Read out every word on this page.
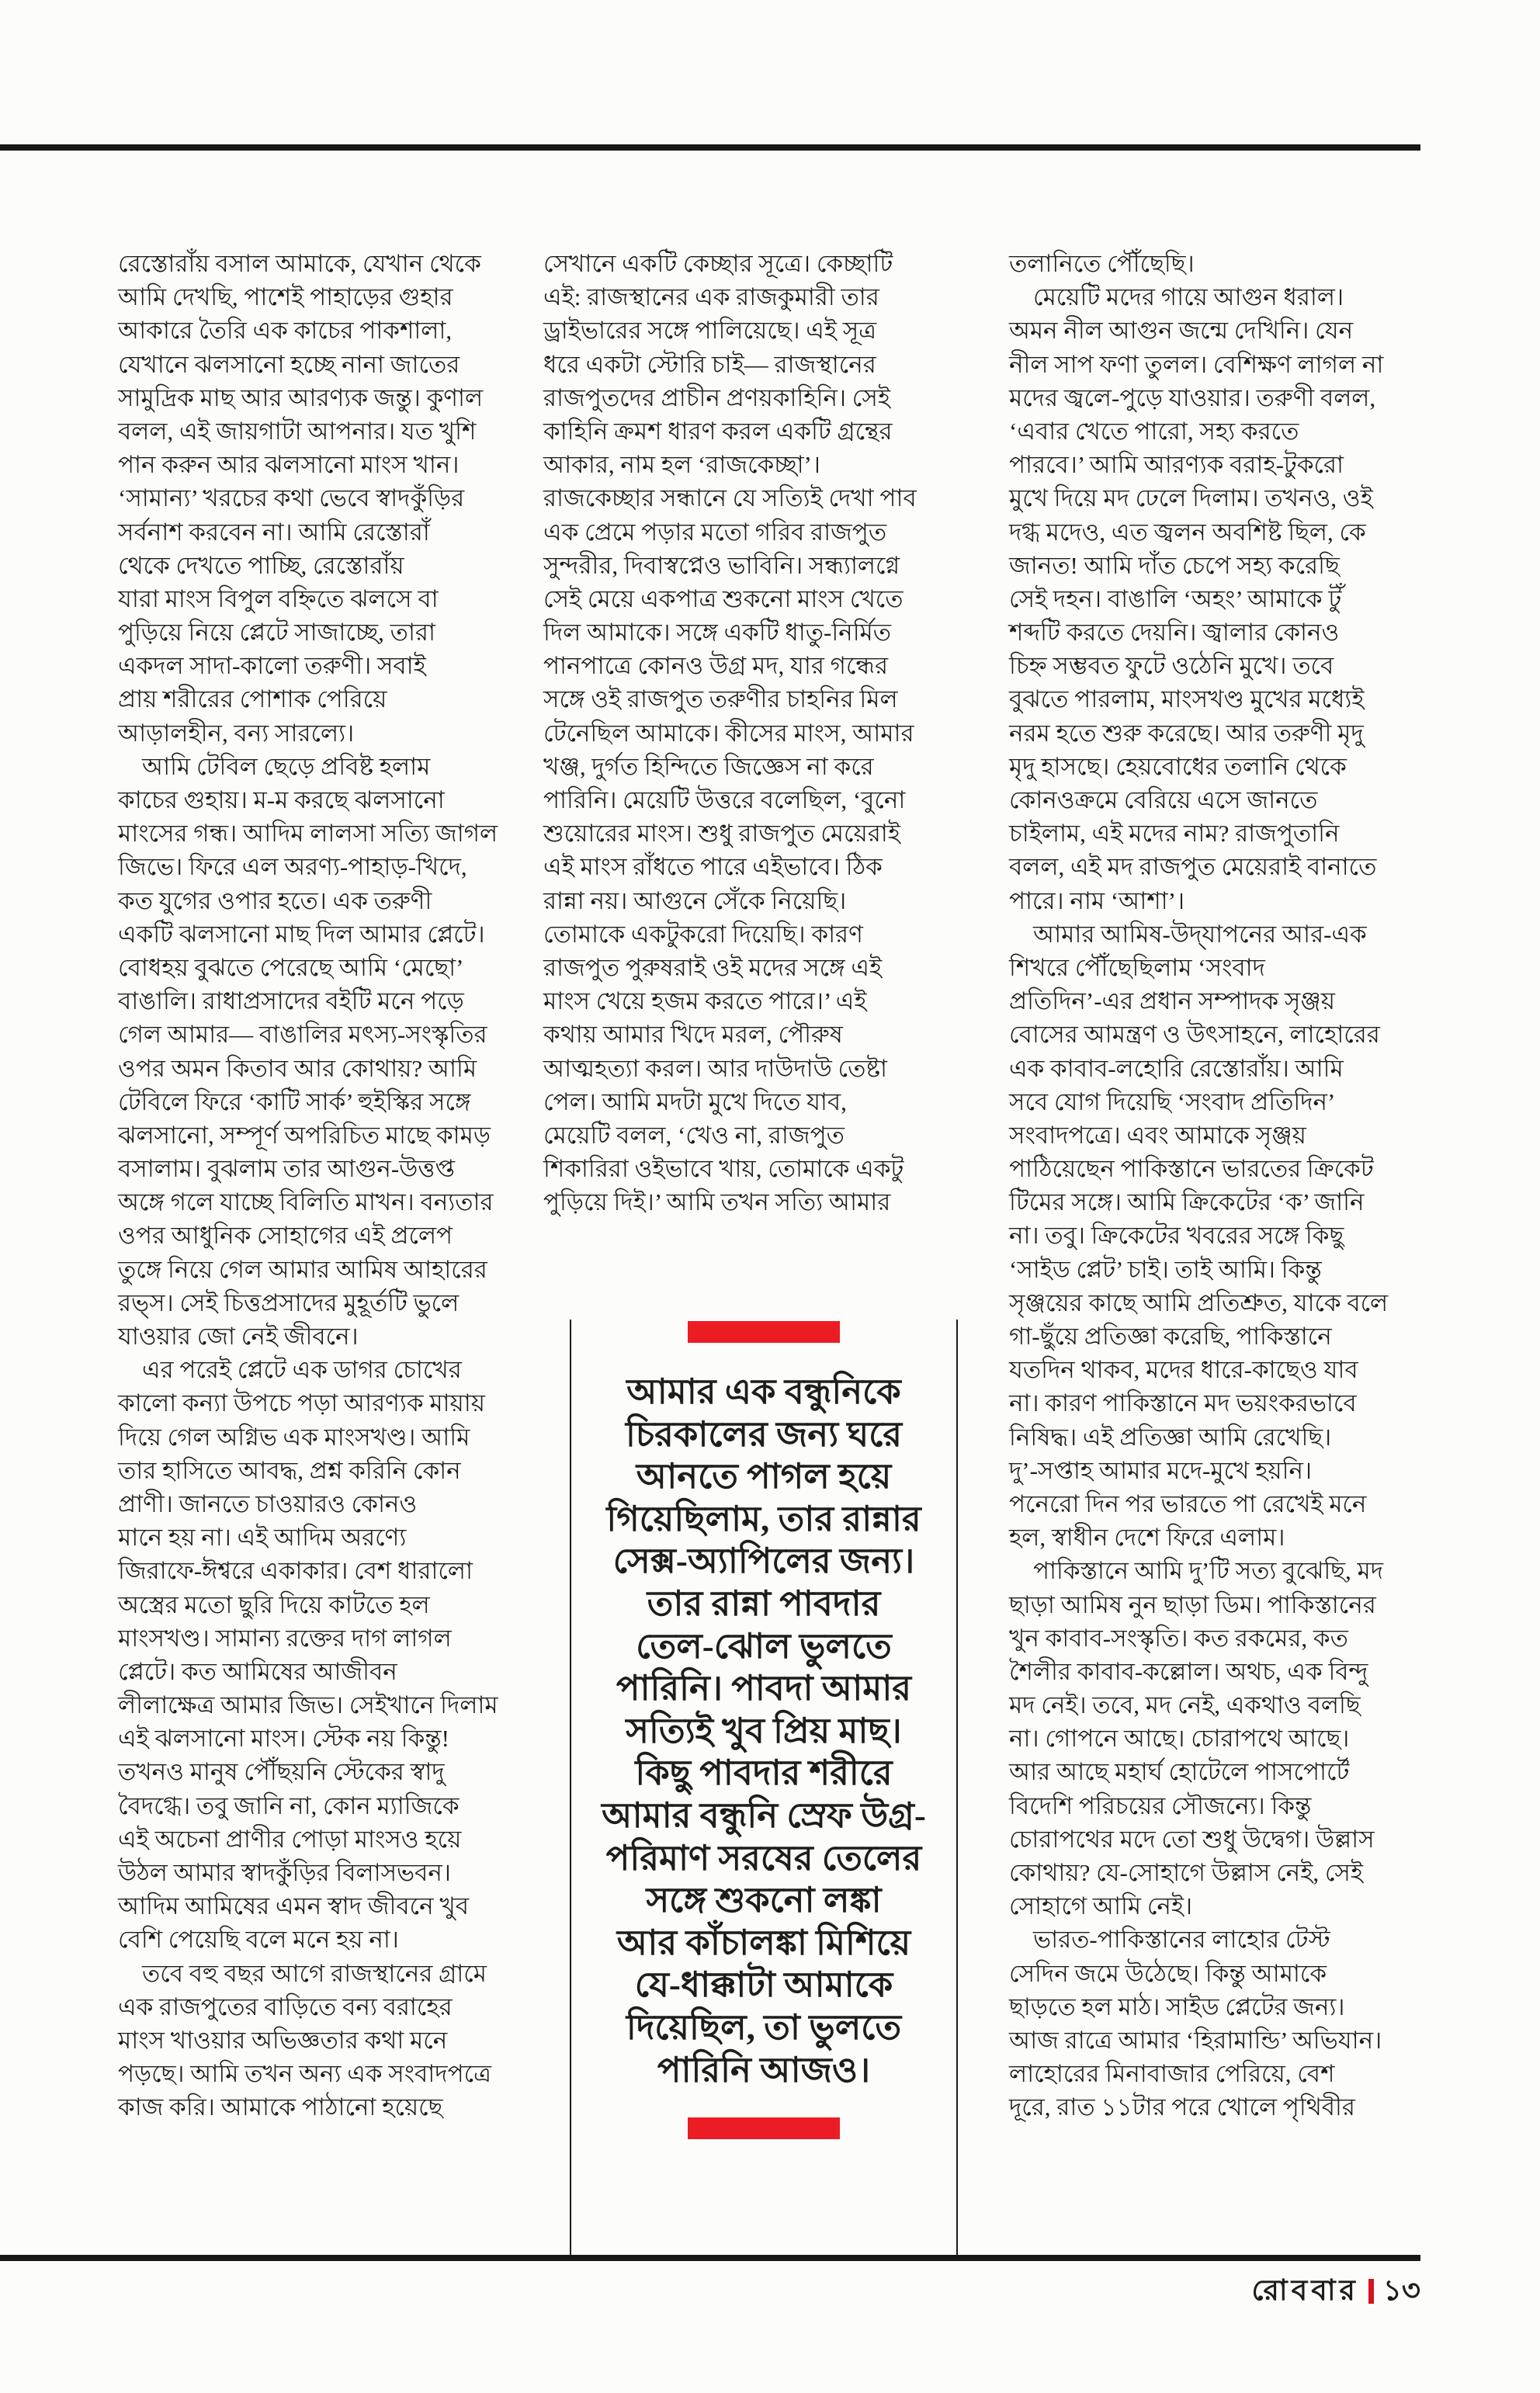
রেস্তোরাঁয় বসাল আমাকে, যেখান থেকে
আমি দেখছি, পাশেই পাহাড়ের গুহার
আকারে তৈরি এক কাচের পাকশালা,
যেখানে ঝলসানো হচ্ছে নানা জাতের
সামুদ্রিক মাছ আর আরণ্যক জন্তু। কুণাল
বলল, এই জায়গাটা আপনার। যত খুশি
পান করুন আর ঝলসানো মাংস খান।
‘সামান্য’ খরচের কথা ভেবে স্বাদকুঁড়ির
সর্বনাশ করবেন না। আমি রেস্তোরাঁ
থেকে দেখতে পাচ্ছি, রেস্তোরাঁয়
যারা মাংস বিপুল বহ্নিতে ঝলসে বা
পুড়িয়ে নিয়ে প্লেটে সাজাচ্ছে, তারা
একদল সাদা-কালো তরুণী। সবাই
প্রায় শরীরের পোশাক পেরিয়ে
আড়ালহীন, বন্য সারল্যে।
 আমি টেবিল ছেড়ে প্রবিষ্ট হলাম
কাচের গুহায়। ম-ম করছে ঝলসানো
মাংসের গন্ধ। আদিম লালসা সত্যি জাগল
জিভে। ফিরে এল অরণ্য-পাহাড়-খিদে,
কত যুগের ওপার হতে। এক তরুণী
একটি ঝলসানো মাছ দিল আমার প্লেটে।
বোধহয় বুঝতে পেরেছে আমি ‘মেছো’
বাঙালি। রাধাপ্রসাদের বইটি মনে পড়ে
গেল আমার— বাঙালির মৎস্য-সংস্কৃতির
ওপর অমন কিতাব আর কোথায়? আমি
টেবিলে ফিরে ‘কাটি সার্ক’ হুইস্কির সঙ্গে
ঝলসানো, সম্পূর্ণ অপরিচিত মাছে কামড়
বসালাম। বুঝলাম তার আগুন-উত্তপ্ত
অঙ্গে গলে যাচ্ছে বিলিতি মাখন। বন্যতার
ওপর আধুনিক সোহাগের এই প্রলেপ
তুঙ্গে নিয়ে গেল আমার আমিষ আহারের
রভ্স। সেই চিত্তপ্রসাদের মুহূর্তটি ভুলে
যাওয়ার জো নেই জীবনে।
 এর পরেই প্লেটে এক ডাগর চোখের
কালো কন্যা উপচে পড়া আরণ্যক মায়ায়
দিয়ে গেল অগ্নিভ এক মাংসখণ্ড। আমি
তার হাসিতে আবদ্ধ, প্রশ্ন করিনি কোন
প্রাণী। জানতে চাওয়ারও কোনও
মানে হয় না। এই আদিম অরণ্যে
জিরাফে-ঈশ্বরে একাকার। বেশ ধারালো
অস্ত্রের মতো ছুরি দিয়ে কাটতে হল
মাংসখণ্ড। সামান্য রক্তের দাগ লাগল
প্লেটে। কত আমিষের আজীবন
লীলাক্ষেত্র আমার জিভ। সেইখানে দিলাম
এই ঝলসানো মাংস। স্টেক নয় কিন্তু!
তখনও মানুষ পৌঁছয়নি স্টেকের স্বাদু
বৈদগ্ধে। তবু জানি না, কোন ম্যাজিকে
এই অচেনা প্রাণীর পোড়া মাংসও হয়ে
উঠল আমার স্বাদকুঁড়ির বিলাসভবন।
আদিম আমিষের এমন স্বাদ জীবনে খুব
বেশি পেয়েছি বলে মনে হয় না।
 তবে বহু বছর আগে রাজস্থানের গ্রামে
এক রাজপুতের বাড়িতে বন্য বরাহের
মাংস খাওয়ার অভিজ্ঞতার কথা মনে
পড়ছে। আমি তখন অন্য এক সংবাদপত্রে
কাজ করি। আমাকে পাঠানো হয়েছে
সেখানে একটি কেচ্ছার সূত্রে। কেচ্ছাটি
এই: রাজস্থানের এক রাজকুমারী তার
ড্রাইভারের সঙ্গে পালিয়েছে। এই সূত্র
ধরে একটা স্টোরি চাই— রাজস্থানের
রাজপুতদের প্রাচীন প্রণয়কাহিনি। সেই
কাহিনি ক্রমশ ধারণ করল একটি গ্রন্থের
আকার, নাম হল ‘রাজকেচ্ছা’।
রাজকেচ্ছার সন্ধানে যে সত্যিই দেখা পাব
এক প্রেমে পড়ার মতো গরিব রাজপুত
সুন্দরীর, দিবাস্বপ্নেও ভাবিনি। সন্ধ্যালগ্নে
সেই মেয়ে একপাত্র শুকনো মাংস খেতে
দিল আমাকে। সঙ্গে একটি ধাতু-নির্মিত
পানপাত্রে কোনও উগ্র মদ, যার গন্ধের
সঙ্গে ওই রাজপুত তরুণীর চাহনির মিল
টেনেছিল আমাকে। কীসের মাংস, আমার
খঞ্জ, দুর্গত হিন্দিতে জিজ্ঞেস না করে
পারিনি। মেয়েটি উত্তরে বলেছিল, ‘বুনো
শুয়োরের মাংস। শুধু রাজপুত মেয়েরাই
এই মাংস রাঁধতে পারে এইভাবে। ঠিক
রান্না নয়। আগুনে সেঁকে নিয়েছি।
তোমাকে একটুকরো দিয়েছি। কারণ
রাজপুত পুরুষরাই ওই মদের সঙ্গে এই
মাংস খেয়ে হজম করতে পারে।’ এই
কথায় আমার খিদে মরল, পৌরুষ
আত্মহত্যা করল। আর দাউদাউ তেষ্টা
পেল। আমি মদটা মুখে দিতে যাব,
মেয়েটি বলল, ‘খেও না, রাজপুত
শিকারিরা ওইভাবে খায়, তোমাকে একটু
পুড়িয়ে দিই।’ আমি তখন সত্যি আমার
তলানিতে পৌঁছেছি।
 মেয়েটি মদের গায়ে আগুন ধরাল।
অমন নীল আগুন জন্মে দেখিনি। যেন
নীল সাপ ফণা তুলল। বেশিক্ষণ লাগল না
মদের জ্বলে-পুড়ে যাওয়ার। তরুণী বলল,
‘এবার খেতে পারো, সহ্য করতে
পারবে।’ আমি আরণ্যক বরাহ-টুকরো
মুখে দিয়ে মদ ঢেলে দিলাম। তখনও, ওই
দগ্ধ মদেও, এত জ্বলন অবশিষ্ট ছিল, কে
জানত! আমি দাঁত চেপে সহ্য করেছি
সেই দহন। বাঙালি ‘অহং’ আমাকে টুঁ
শব্দটি করতে দেয়নি। জ্বালার কোনও
চিহ্ন সম্ভবত ফুটে ওঠেনি মুখে। তবে
বুঝতে পারলাম, মাংসখণ্ড মুখের মধ্যেই
নরম হতে শুরু করেছে। আর তরুণী মৃদু
মৃদু হাসছে। হেয়বোধের তলানি থেকে
কোনওক্রমে বেরিয়ে এসে জানতে
চাইলাম, এই মদের নাম? রাজপুতানি
বলল, এই মদ রাজপুত মেয়েরাই বানাতে
পারে। নাম ‘আশা’।
 আমার আমিষ-উদ্‌যাপনের আর-এক
শিখরে পৌঁছেছিলাম ‘সংবাদ
প্রতিদিন’-এর প্রধান সম্পাদক সৃঞ্জয়
বোসের আমন্ত্রণ ও উৎসাহনে, লাহোরের
এক কাবাব-লহোরি রেস্তোরাঁয়। আমি
সবে যোগ দিয়েছি ‘সংবাদ প্রতিদিন’
সংবাদপত্রে। এবং আমাকে সৃঞ্জয়
পাঠিয়েছেন পাকিস্তানে ভারতের ক্রিকেট
টিমের সঙ্গে। আমি ক্রিকেটের ‘ক’ জানি
না। তবু। ক্রিকেটের খবরের সঙ্গে কিছু
‘সাইড প্লেট’ চাই। তাই আমি। কিন্তু
সৃঞ্জয়ের কাছে আমি প্রতিশ্রুত, যাকে বলে
গা-ছুঁয়ে প্রতিজ্ঞা করেছি, পাকিস্তানে
যতদিন থাকব, মদের ধারে-কাছেও যাব
না। কারণ পাকিস্তানে মদ ভয়ংকরভাবে
নিষিদ্ধ। এই প্রতিজ্ঞা আমি রেখেছি।
দু’-সপ্তাহ আমার মদে-মুখে হয়নি।
পনেরো দিন পর ভারতে পা রেখেই মনে
হল, স্বাধীন দেশে ফিরে এলাম।
 পাকিস্তানে আমি দু’টি সত্য বুঝেছি, মদ
ছাড়া আমিষ নুন ছাড়া ডিম। পাকিস্তানের
খুন কাবাব-সংস্কৃতি। কত রকমের, কত
শৈলীর কাবাব-কল্লোল। অথচ, এক বিন্দু
মদ নেই। তবে, মদ নেই, একথাও বলছি
না। গোপনে আছে। চোরাপথে আছে।
আর আছে মহার্ঘ হোটেলে পাসপোর্টে
বিদেশি পরিচয়ের সৌজন্যে। কিন্তু
চোরাপথের মদে তো শুধু উদ্বেগ। উল্লাস
কোথায়? যে-সোহাগে উল্লাস নেই, সেই
সোহাগে আমি নেই।
 ভারত-পাকিস্তানের লাহোর টেস্ট
সেদিন জমে উঠেছে। কিন্তু আমাকে
ছাড়তে হল মাঠ। সাইড প্লেটের জন্য।
আজ রাত্রে আমার ‘হিরামান্ডি’ অভিযান।
লাহোরের মিনাবাজার পেরিয়ে, বেশ
দূরে, রাত ১১টার পরে খোলে পৃথিবীর
আমার এক বন্ধুনিকে
চিরকালের জন্য ঘরে
আনতে পাগল হয়ে
গিয়েছিলাম, তার রান্নার
সেক্স-অ্যাপিলের জন্য।
তার রান্না পাবদার
তেল-ঝোল ভুলতে
পারিনি। পাবদা আমার
সত্যিই খুব প্রিয় মাছ।
কিছু পাবদার শরীরে
আমার বন্ধুনি স্রেফ উগ্র-
পরিমাণ সরষের তেলের
সঙ্গে শুকনো লঙ্কা
আর কাঁচালঙ্কা মিশিয়ে
যে-ধাক্কাটা আমাকে
দিয়েছিল, তা ভুলতে
পারিনি আজও।
রোববার ১৩
